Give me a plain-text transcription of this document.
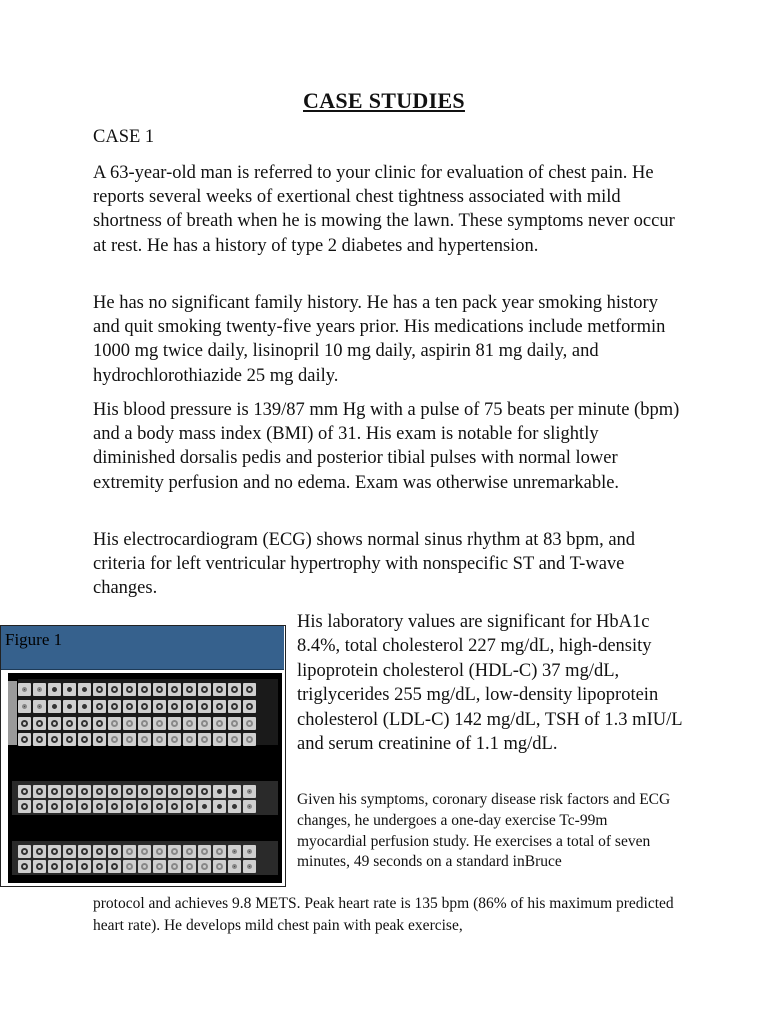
CASE STUDIES
CASE 1
A 63-year-old man is referred to your clinic for evaluation of chest pain. He reports several weeks of exertional chest tightness associated with mild shortness of breath when he is mowing the lawn. These symptoms never occur at rest. He has a history of type 2 diabetes and hypertension.
He has no significant family history. He has a ten pack year smoking history and quit smoking twenty-five years prior. His medications include metformin 1000 mg twice daily, lisinopril 10 mg daily, aspirin 81 mg daily, and hydrochlorothiazide 25 mg daily.
His blood pressure is 139/87 mm Hg with a pulse of 75 beats per minute (bpm) and a body mass index (BMI) of 31. His exam is notable for slightly diminished dorsalis pedis and posterior tibial pulses with normal lower extremity perfusion and no edema. Exam was otherwise unremarkable.
His electrocardiogram (ECG) shows normal sinus rhythm at 83 bpm, and criteria for left ventricular hypertrophy with nonspecific ST and T-wave changes.
Figure 1
His laboratory values are significant for HbA1c 8.4%, total cholesterol 227 mg/dL, high-density lipoprotein cholesterol (HDL-C) 37 mg/dL, triglycerides 255 mg/dL, low-density lipoprotein cholesterol (LDL-C) 142 mg/dL, TSH of 1.3 mIU/L and serum creatinine of 1.1 mg/dL.
Given his symptoms, coronary disease risk factors and ECG
changes, he undergoes a one-day exercise Tc-99m myocardial perfusion study. He exercises a total of seven minutes, 49 seconds on a standard inBruce
protocol and achieves 9.8 METS. Peak heart rate is 135 bpm (86% of his maximum predicted heart rate). He develops mild chest pain with peak exercise,
